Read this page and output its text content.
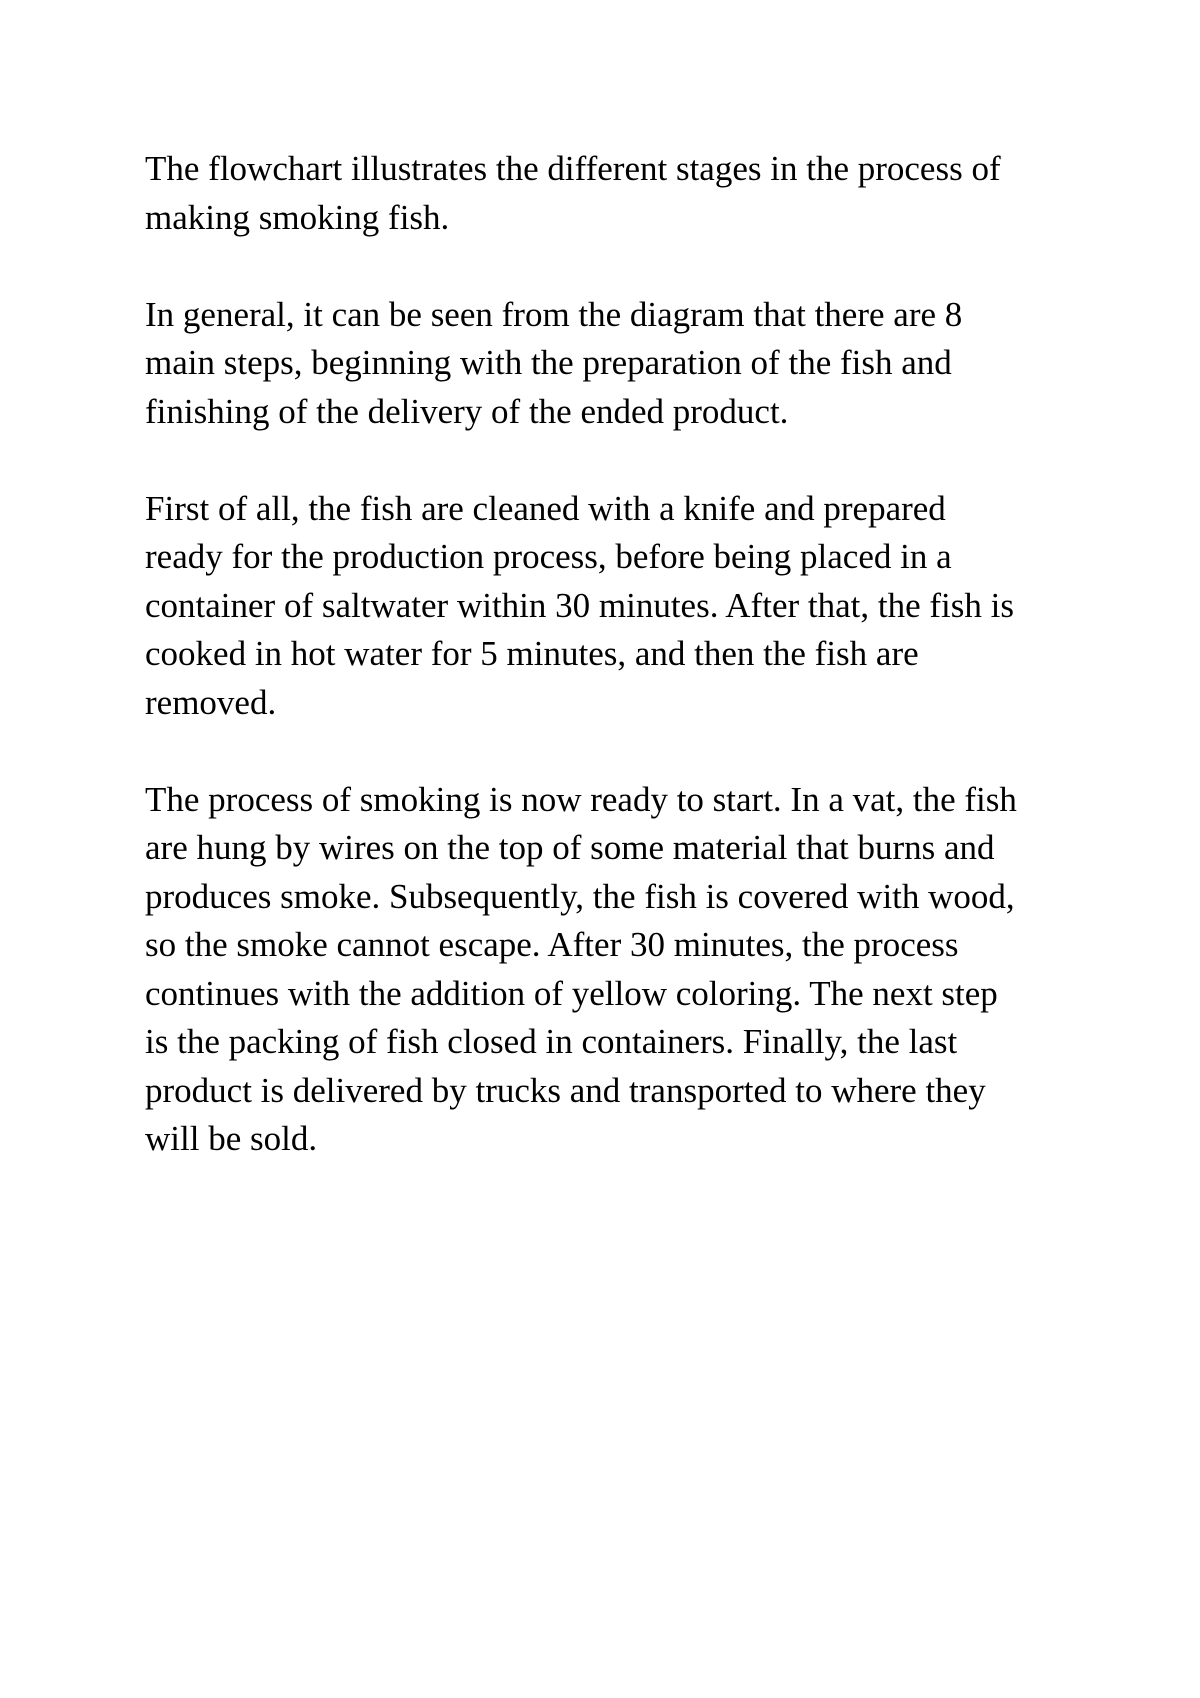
The flowchart illustrates the different stages in the process of
making smoking fish.

In general, it can be seen from the diagram that there are 8
main steps, beginning with the preparation of the fish and
finishing of the delivery of the ended product.

First of all, the fish are cleaned with a knife and prepared
ready for the production process, before being placed in a
container of saltwater within 30 minutes. After that, the fish is
cooked in hot water for 5 minutes, and then the fish are
removed.

The process of smoking is now ready to start. In a vat, the fish
are hung by wires on the top of some material that burns and
produces smoke. Subsequently, the fish is covered with wood,
so the smoke cannot escape. After 30 minutes, the process
continues with the addition of yellow coloring. The next step
is the packing of fish closed in containers. Finally, the last
product is delivered by trucks and transported to where they
will be sold.
